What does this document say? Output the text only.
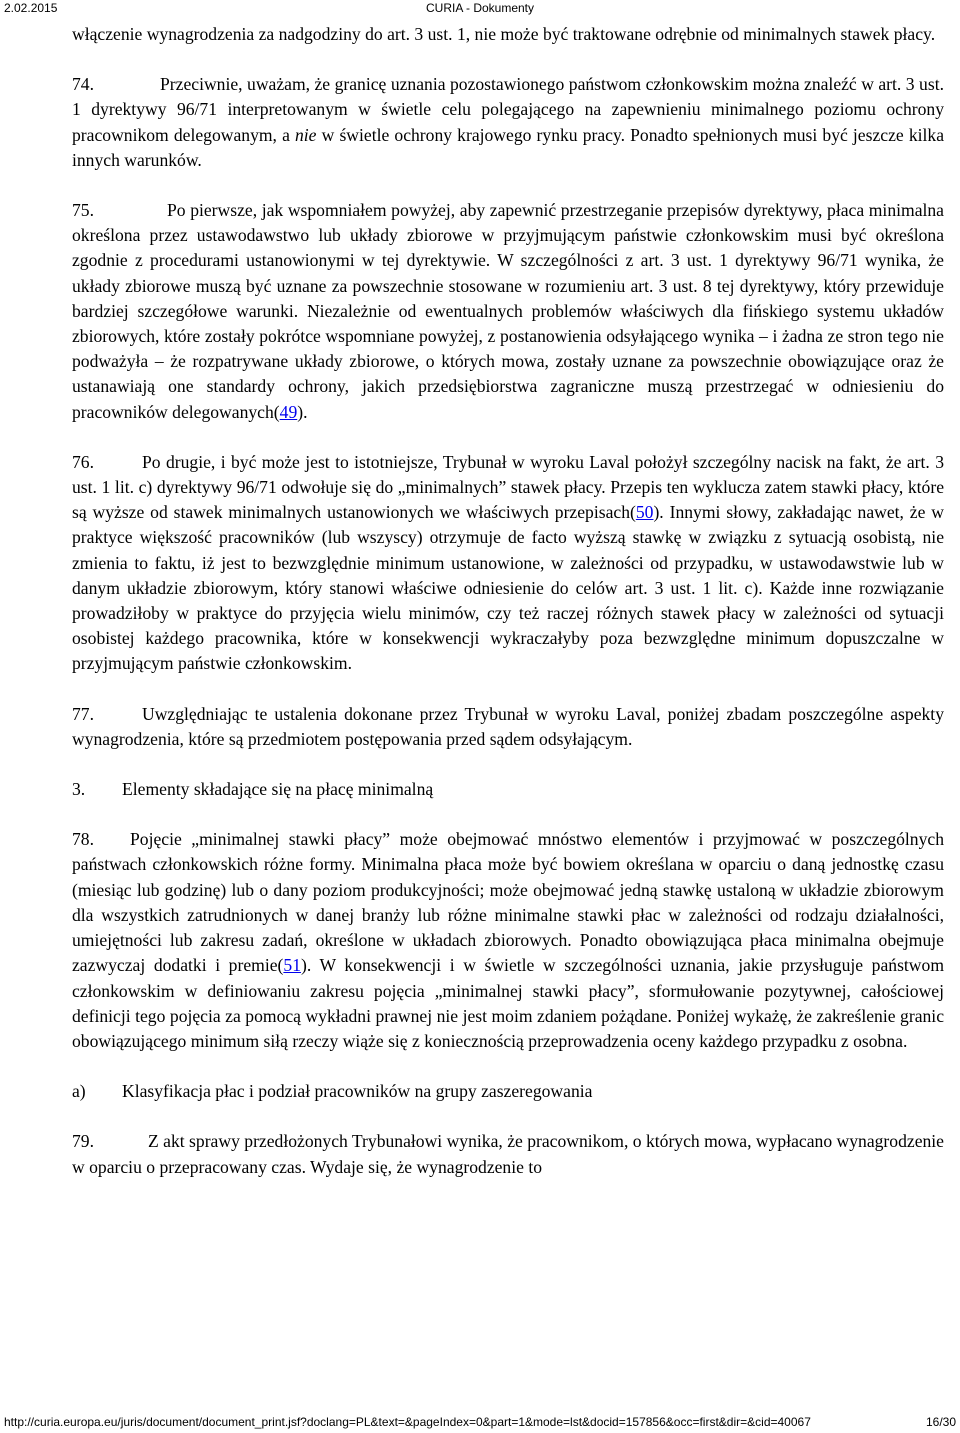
2.02.2015	CURIA - Dokumenty

włączenie wynagrodzenia za nadgodziny do art. 3 ust. 1, nie może być traktowane odrębnie od minimalnych stawek płacy.

74.	Przeciwnie, uważam, że granicę uznania pozostawionego państwom członkowskim można znaleźć w art. 3 ust. 1 dyrektywy 96/71 interpretowanym w świetle celu polegającego na zapewnieniu minimalnego poziomu ochrony pracownikom delegowanym, a nie w świetle ochrony krajowego rynku pracy. Ponadto spełnionych musi być jeszcze kilka innych warunków.

75.	Po pierwsze, jak wspomniałem powyżej, aby zapewnić przestrzeganie przepisów dyrektywy, płaca minimalna określona przez ustawodawstwo lub układy zbiorowe w przyjmującym państwie członkowskim musi być określona zgodnie z procedurami ustanowionymi w tej dyrektywie. W szczególności z art. 3 ust. 1 dyrektywy 96/71 wynika, że układy zbiorowe muszą być uznane za powszechnie stosowane w rozumieniu art. 3 ust. 8 tej dyrektywy, który przewiduje bardziej szczegółowe warunki. Niezależnie od ewentualnych problemów właściwych dla fińskiego systemu układów zbiorowych, które zostały pokrótce wspomniane powyżej, z postanowienia odsyłającego wynika – i żadna ze stron tego nie podważyła – że rozpatrywane układy zbiorowe, o których mowa, zostały uznane za powszechnie obowiązujące oraz że ustanawiają one standardy ochrony, jakich przedsiębiorstwa zagraniczne muszą przestrzegać w odniesieniu do pracowników delegowanych(49).

76.	Po drugie, i być może jest to istotniejsze, Trybunał w wyroku Laval położył szczególny nacisk na fakt, że art. 3 ust. 1 lit. c) dyrektywy 96/71 odwołuje się do „minimalnych” stawek płacy. Przepis ten wyklucza zatem stawki płacy, które są wyższe od stawek minimalnych ustanowionych we właściwych przepisach(50). Innymi słowy, zakładając nawet, że w praktyce większość pracowników (lub wszyscy) otrzymuje de facto wyższą stawkę w związku z sytuacją osobistą, nie zmienia to faktu, iż jest to bezwzględnie minimum ustanowione, w zależności od przypadku, w ustawodawstwie lub w danym układzie zbiorowym, który stanowi właściwe odniesienie do celów art. 3 ust. 1 lit. c). Każde inne rozwiązanie prowadziłoby w praktyce do przyjęcia wielu minimów, czy też raczej różnych stawek płacy w zależności od sytuacji osobistej każdego pracownika, które w konsekwencji wykraczałyby poza bezwzględne minimum dopuszczalne w przyjmującym państwie członkowskim.

77.	Uwzględniając te ustalenia dokonane przez Trybunał w wyroku Laval, poniżej zbadam poszczególne aspekty wynagrodzenia, które są przedmiotem postępowania przed sądem odsyłającym.

3. Elementy składające się na płacę minimalną

78. Pojęcie „minimalnej stawki płacy” może obejmować mnóstwo elementów i przyjmować w poszczególnych państwach członkowskich różne formy. Minimalna płaca może być bowiem określana w oparciu o daną jednostkę czasu (miesiąc lub godzinę) lub o dany poziom produkcyjności; może obejmować jedną stawkę ustaloną w układzie zbiorowym dla wszystkich zatrudnionych w danej branży lub różne minimalne stawki płac w zależności od rodzaju działalności, umiejętności lub zakresu zadań, określone w układach zbiorowych. Ponadto obowiązująca płaca minimalna obejmuje zazwyczaj dodatki i premie(51). W konsekwencji i w świetle w szczególności uznania, jakie przysługuje państwom członkowskim w definiowaniu zakresu pojęcia „minimalnej stawki płacy”, sformułowanie pozytywnej, całościowej definicji tego pojęcia za pomocą wykładni prawnej nie jest moim zdaniem pożądane. Poniżej wykażę, że zakreślenie granic obowiązującego minimum siłą rzeczy wiąże się z koniecznością przeprowadzenia oceny każdego przypadku z osobna.

a) Klasyfikacja płac i podział pracowników na grupy zaszeregowania

79.	Z akt sprawy przedłożonych Trybunałowi wynika, że pracownikom, o których mowa, wypłacano wynagrodzenie w oparciu o przepracowany czas. Wydaje się, że wynagrodzenie to

http://curia.europa.eu/juris/document/document_print.jsf?doclang=PL&text=&pageIndex=0&part=1&mode=lst&docid=157856&occ=first&dir=&cid=40067	16/30
